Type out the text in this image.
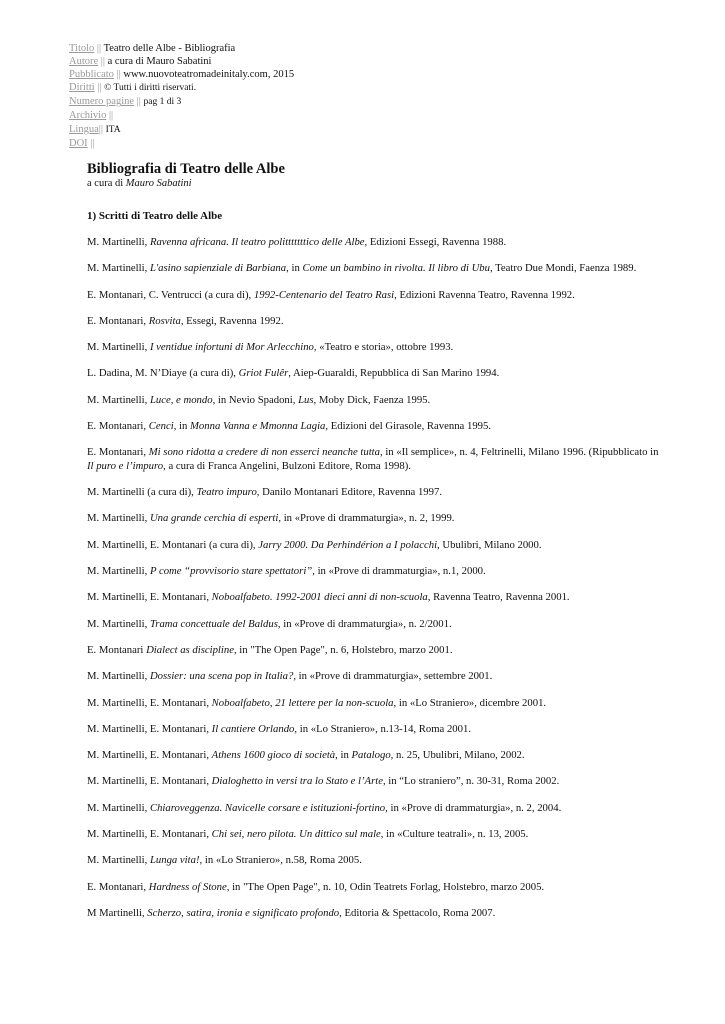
Titolo || Teatro delle Albe - Bibliografia
Autore || a cura di Mauro Sabatini
Pubblicato || www.nuovoteatromadeinitaly.com, 2015
Diritti || © Tutti i diritti riservati.
Numero pagine || pag 1 di 3
Archivio ||
Lingua|| ITA
DOI ||
Bibliografia di Teatro delle Albe
a cura di Mauro Sabatini
1) Scritti di Teatro delle Albe

M. Martinelli, Ravenna africana. Il teatro politttttttico delle Albe, Edizioni Essegi, Ravenna 1988.

M. Martinelli, L'asino sapienziale di Barbiana, in Come un bambino in rivolta. Il libro di Ubu, Teatro Due Mondi, Faenza 1989.

E. Montanari, C. Ventrucci (a cura di), 1992-Centenario del Teatro Rasi, Edizioni Ravenna Teatro, Ravenna 1992.

E. Montanari, Rosvita, Essegi, Ravenna 1992.

M. Martinelli, I ventidue infortuni di Mor Arlecchino, «Teatro e storia», ottobre 1993.

L. Dadina, M. N’Diaye (a cura di), Griot Fulêr, Aiep-Guaraldi, Repubblica di San Marino 1994.

M. Martinelli, Luce, e mondo, in Nevio Spadoni, Lus, Moby Dick, Faenza 1995.

E. Montanari, Cenci, in Monna Vanna e Mmonna Lagia, Edizioni del Girasole, Ravenna 1995.

E. Montanari, Mi sono ridotta a credere di non esserci neanche tutta, in «Il semplice», n. 4, Feltrinelli, Milano 1996. (Ripubblicato in Il puro e l’impuro, a cura di Franca Angelini, Bulzoni Editore, Roma 1998).

M. Martinelli (a cura di), Teatro impuro, Danilo Montanari Editore, Ravenna 1997.

M. Martinelli, Una grande cerchia di esperti, in «Prove di drammaturgia», n. 2, 1999.

M. Martinelli, E. Montanari (a cura di), Jarry 2000. Da Perhindérion a I polacchi, Ubulibri, Milano 2000.

M. Martinelli, P come “provvisorio stare spettatori”, in «Prove di drammaturgia», n.1, 2000.

M. Martinelli, E. Montanari, Noboalfabeto. 1992-2001 dieci anni di non-scuola, Ravenna Teatro, Ravenna 2001.

M. Martinelli, Trama concettuale del Baldus, in «Prove di drammaturgia», n. 2/2001.

E. Montanari Dialect as discipline, in "The Open Page", n. 6, Holstebro, marzo 2001.

M. Martinelli, Dossier: una scena pop in Italia?, in «Prove di drammaturgia», settembre 2001.

M. Martinelli, E. Montanari, Noboalfabeto, 21 lettere per la non-scuola, in «Lo Straniero», dicembre 2001.

M. Martinelli, E. Montanari, Il cantiere Orlando, in «Lo Straniero», n.13-14, Roma 2001.

M. Martinelli, E. Montanari, Athens 1600 gioco di società, in Patalogo, n. 25, Ubulibri, Milano, 2002.

M. Martinelli, E. Montanari, Dialoghetto in versi tra lo Stato e l’Arte, in “Lo straniero”, n. 30-31, Roma 2002.

M. Martinelli, Chiaroveggenza. Navicelle corsare e istituzioni-fortino, in «Prove di drammaturgia», n. 2, 2004.

M. Martinelli, E. Montanari, Chi sei, nero pilota. Un dittico sul male, in «Culture teatrali», n. 13, 2005.

M. Martinelli, Lunga vita!, in «Lo Straniero», n.58, Roma 2005.

E. Montanari, Hardness of Stone, in "The Open Page", n. 10, Odin Teatrets Forlag, Holstebro, marzo 2005.

M Martinelli, Scherzo, satira, ironia e significato profondo, Editoria & Spettacolo, Roma 2007.
